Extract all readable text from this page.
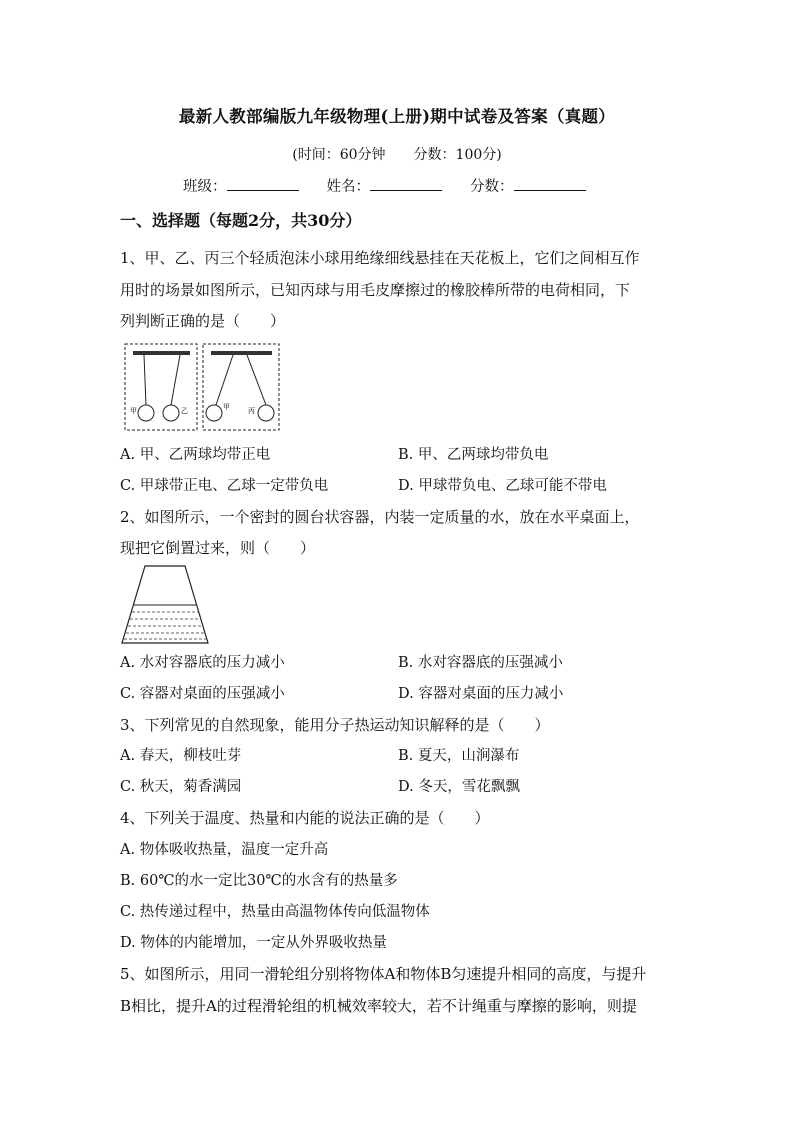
最新人教部编版九年级物理(上册)期中试卷及答案（真题）
(时间：60分钟　　分数：100分)
班级：	姓名：	分数：
一、选择题（每题2分，共30分）
1、甲、乙、丙三个轻质泡沫小球用绝缘细线悬挂在天花板上，它们之间相互作
用时的场景如图所示，已知丙球与用毛皮摩擦过的橡胶棒所带的电荷相同，下
列判断正确的是（　　）
甲	乙	甲	丙
A. 甲、乙两球均带正电	B. 甲、乙两球均带负电
C. 甲球带正电、乙球一定带负电	D. 甲球带负电、乙球可能不带电
2、如图所示，一个密封的圆台状容器，内装一定质量的水，放在水平桌面上，
现把它倒置过来，则（　　）
A. 水对容器底的压力减小	B. 水对容器底的压强减小
C. 容器对桌面的压强减小	D. 容器对桌面的压力减小
3、下列常见的自然现象，能用分子热运动知识解释的是（　　）
A. 春天，柳枝吐芽	B. 夏天，山涧瀑布
C. 秋天，菊香满园	D. 冬天，雪花飘飘
4、下列关于温度、热量和内能的说法正确的是（　　）
A. 物体吸收热量，温度一定升高
B. 60℃的水一定比30℃的水含有的热量多
C. 热传递过程中，热量由高温物体传向低温物体
D. 物体的内能增加，一定从外界吸收热量
5、如图所示，用同一滑轮组分别将物体A和物体B匀速提升相同的高度，与提升
B相比，提升A的过程滑轮组的机械效率较大，若不计绳重与摩擦的影响，则提
